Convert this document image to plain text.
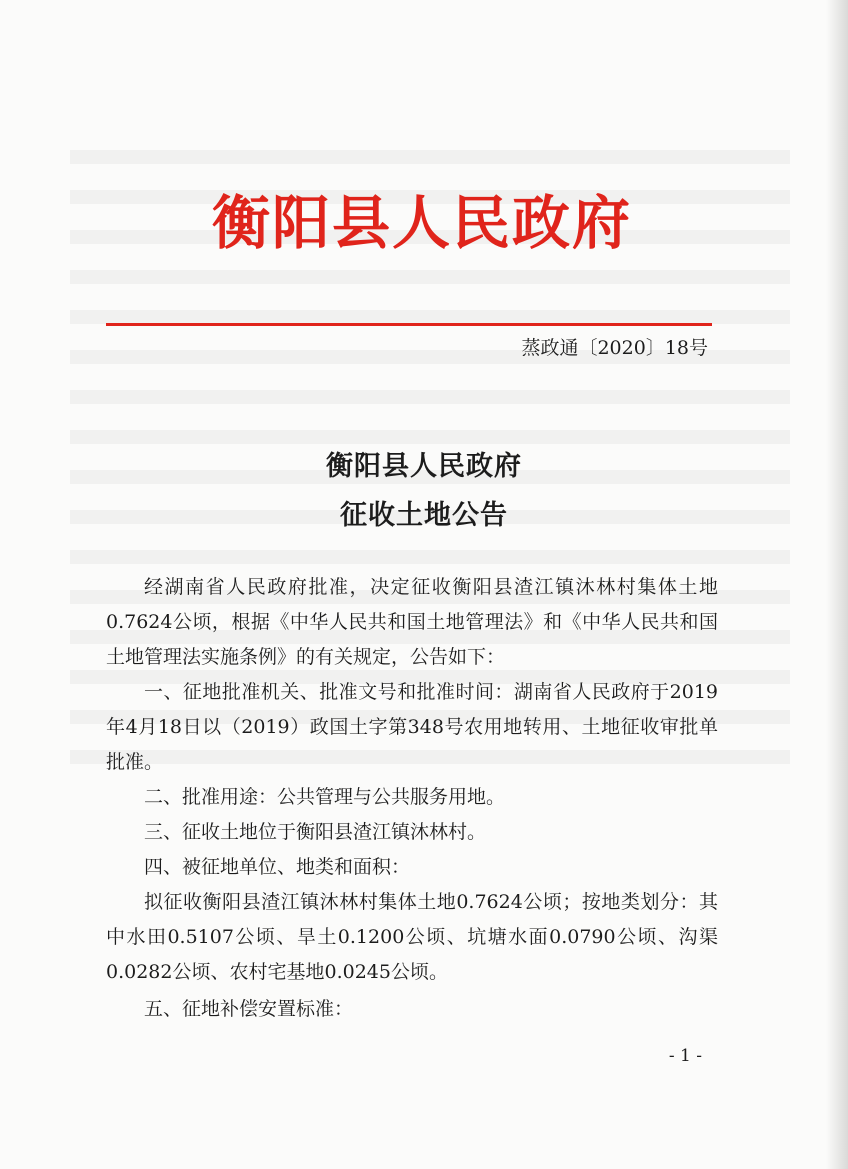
衡阳县人民政府
蒸政通〔2020〕18号
衡阳县人民政府
征收土地公告

经湖南省人民政府批准，决定征收衡阳县渣江镇沐林村集体土地0.7624公顷，根据《中华人民共和国土地管理法》和《中华人民共和国土地管理法实施条例》的有关规定，公告如下：

一、征地批准机关、批准文号和批准时间：湖南省人民政府于2019年4月18日以（2019）政国土字第348号农用地转用、土地征收审批单批准。

二、批准用途：公共管理与公共服务用地。

三、征收土地位于衡阳县渣江镇沐林村。

四、被征地单位、地类和面积：

拟征收衡阳县渣江镇沐林村集体土地0.7624公顷；按地类划分：其中水田0.5107公顷、旱土0.1200公顷、坑塘水面0.0790公顷、沟渠0.0282公顷、农村宅基地0.0245公顷。

五、征地补偿安置标准：

- 1 -
